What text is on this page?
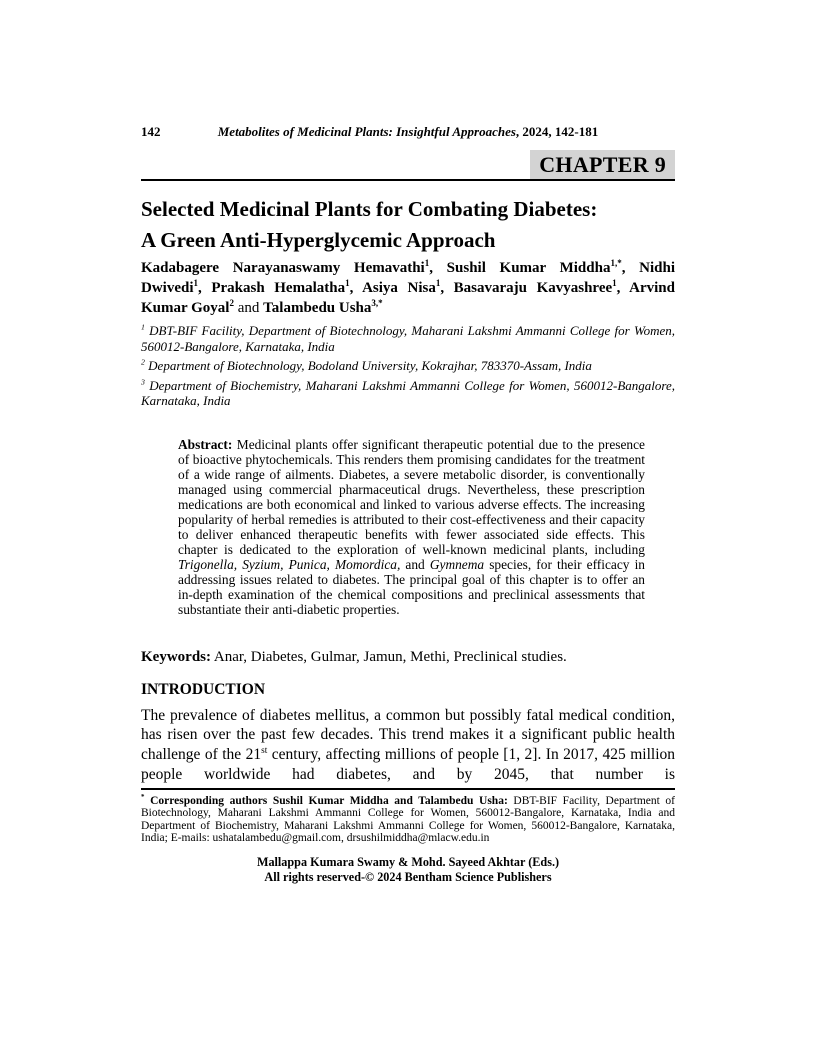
142	Metabolites of Medicinal Plants: Insightful Approaches, 2024, 142-181
CHAPTER 9
Selected Medicinal Plants for Combating Diabetes:
A Green Anti-Hyperglycemic Approach

Kadabagere Narayanaswamy Hemavathi$^1$, Sushil Kumar Middha$^{1,*}$, Nidhi Dwivedi$^1$, Prakash Hemalatha$^1$, Asiya Nisa$^1$, Basavaraju Kavyashree$^1$, Arvind Kumar Goyal$^2$ and Talambedu Usha$^{3,*}$

$^1$ DBT-BIF Facility, Department of Biotechnology, Maharani Lakshmi Ammanni College for Women, 560012-Bangalore, Karnataka, India

$^2$ Department of Biotechnology, Bodoland University, Kokrajhar, 783370-Assam, India

$^3$ Department of Biochemistry, Maharani Lakshmi Ammanni College for Women, 560012-Bangalore, Karnataka, India

Abstract: Medicinal plants offer significant therapeutic potential due to the presence of bioactive phytochemicals. This renders them promising candidates for the treatment of a wide range of ailments. Diabetes, a severe metabolic disorder, is conventionally managed using commercial pharmaceutical drugs. Nevertheless, these prescription medications are both economical and linked to various adverse effects. The increasing popularity of herbal remedies is attributed to their cost-effectiveness and their capacity to deliver enhanced therapeutic benefits with fewer associated side effects. This chapter is dedicated to the exploration of well-known medicinal plants, including Trigonella, Syzium, Punica, Momordica, and Gymnema species, for their efficacy in addressing issues related to diabetes. The principal goal of this chapter is to offer an in-depth examination of the chemical compositions and preclinical assessments that substantiate their anti-diabetic properties.

Keywords: Anar, Diabetes, Gulmar, Jamun, Methi, Preclinical studies.

INTRODUCTION

The prevalence of diabetes mellitus, a common but possibly fatal medical condition, has risen over the past few decades. This trend makes it a significant public health challenge of the 21st century, affecting millions of people [1, 2]. In 2017, 425 million people worldwide had diabetes, and by 2045, that number is

* Corresponding authors Sushil Kumar Middha and Talambedu Usha: DBT-BIF Facility, Department of Biotechnology, Maharani Lakshmi Ammanni College for Women, 560012-Bangalore, Karnataka, India and Department of Biochemistry, Maharani Lakshmi Ammanni College for Women, 560012-Bangalore, Karnataka, India; E-mails: ushatalambedu@gmail.com, drsushilmiddha@mlacw.edu.in
Mallappa Kumara Swamy & Mohd. Sayeed Akhtar (Eds.)
All rights reserved-© 2024 Bentham Science Publishers
